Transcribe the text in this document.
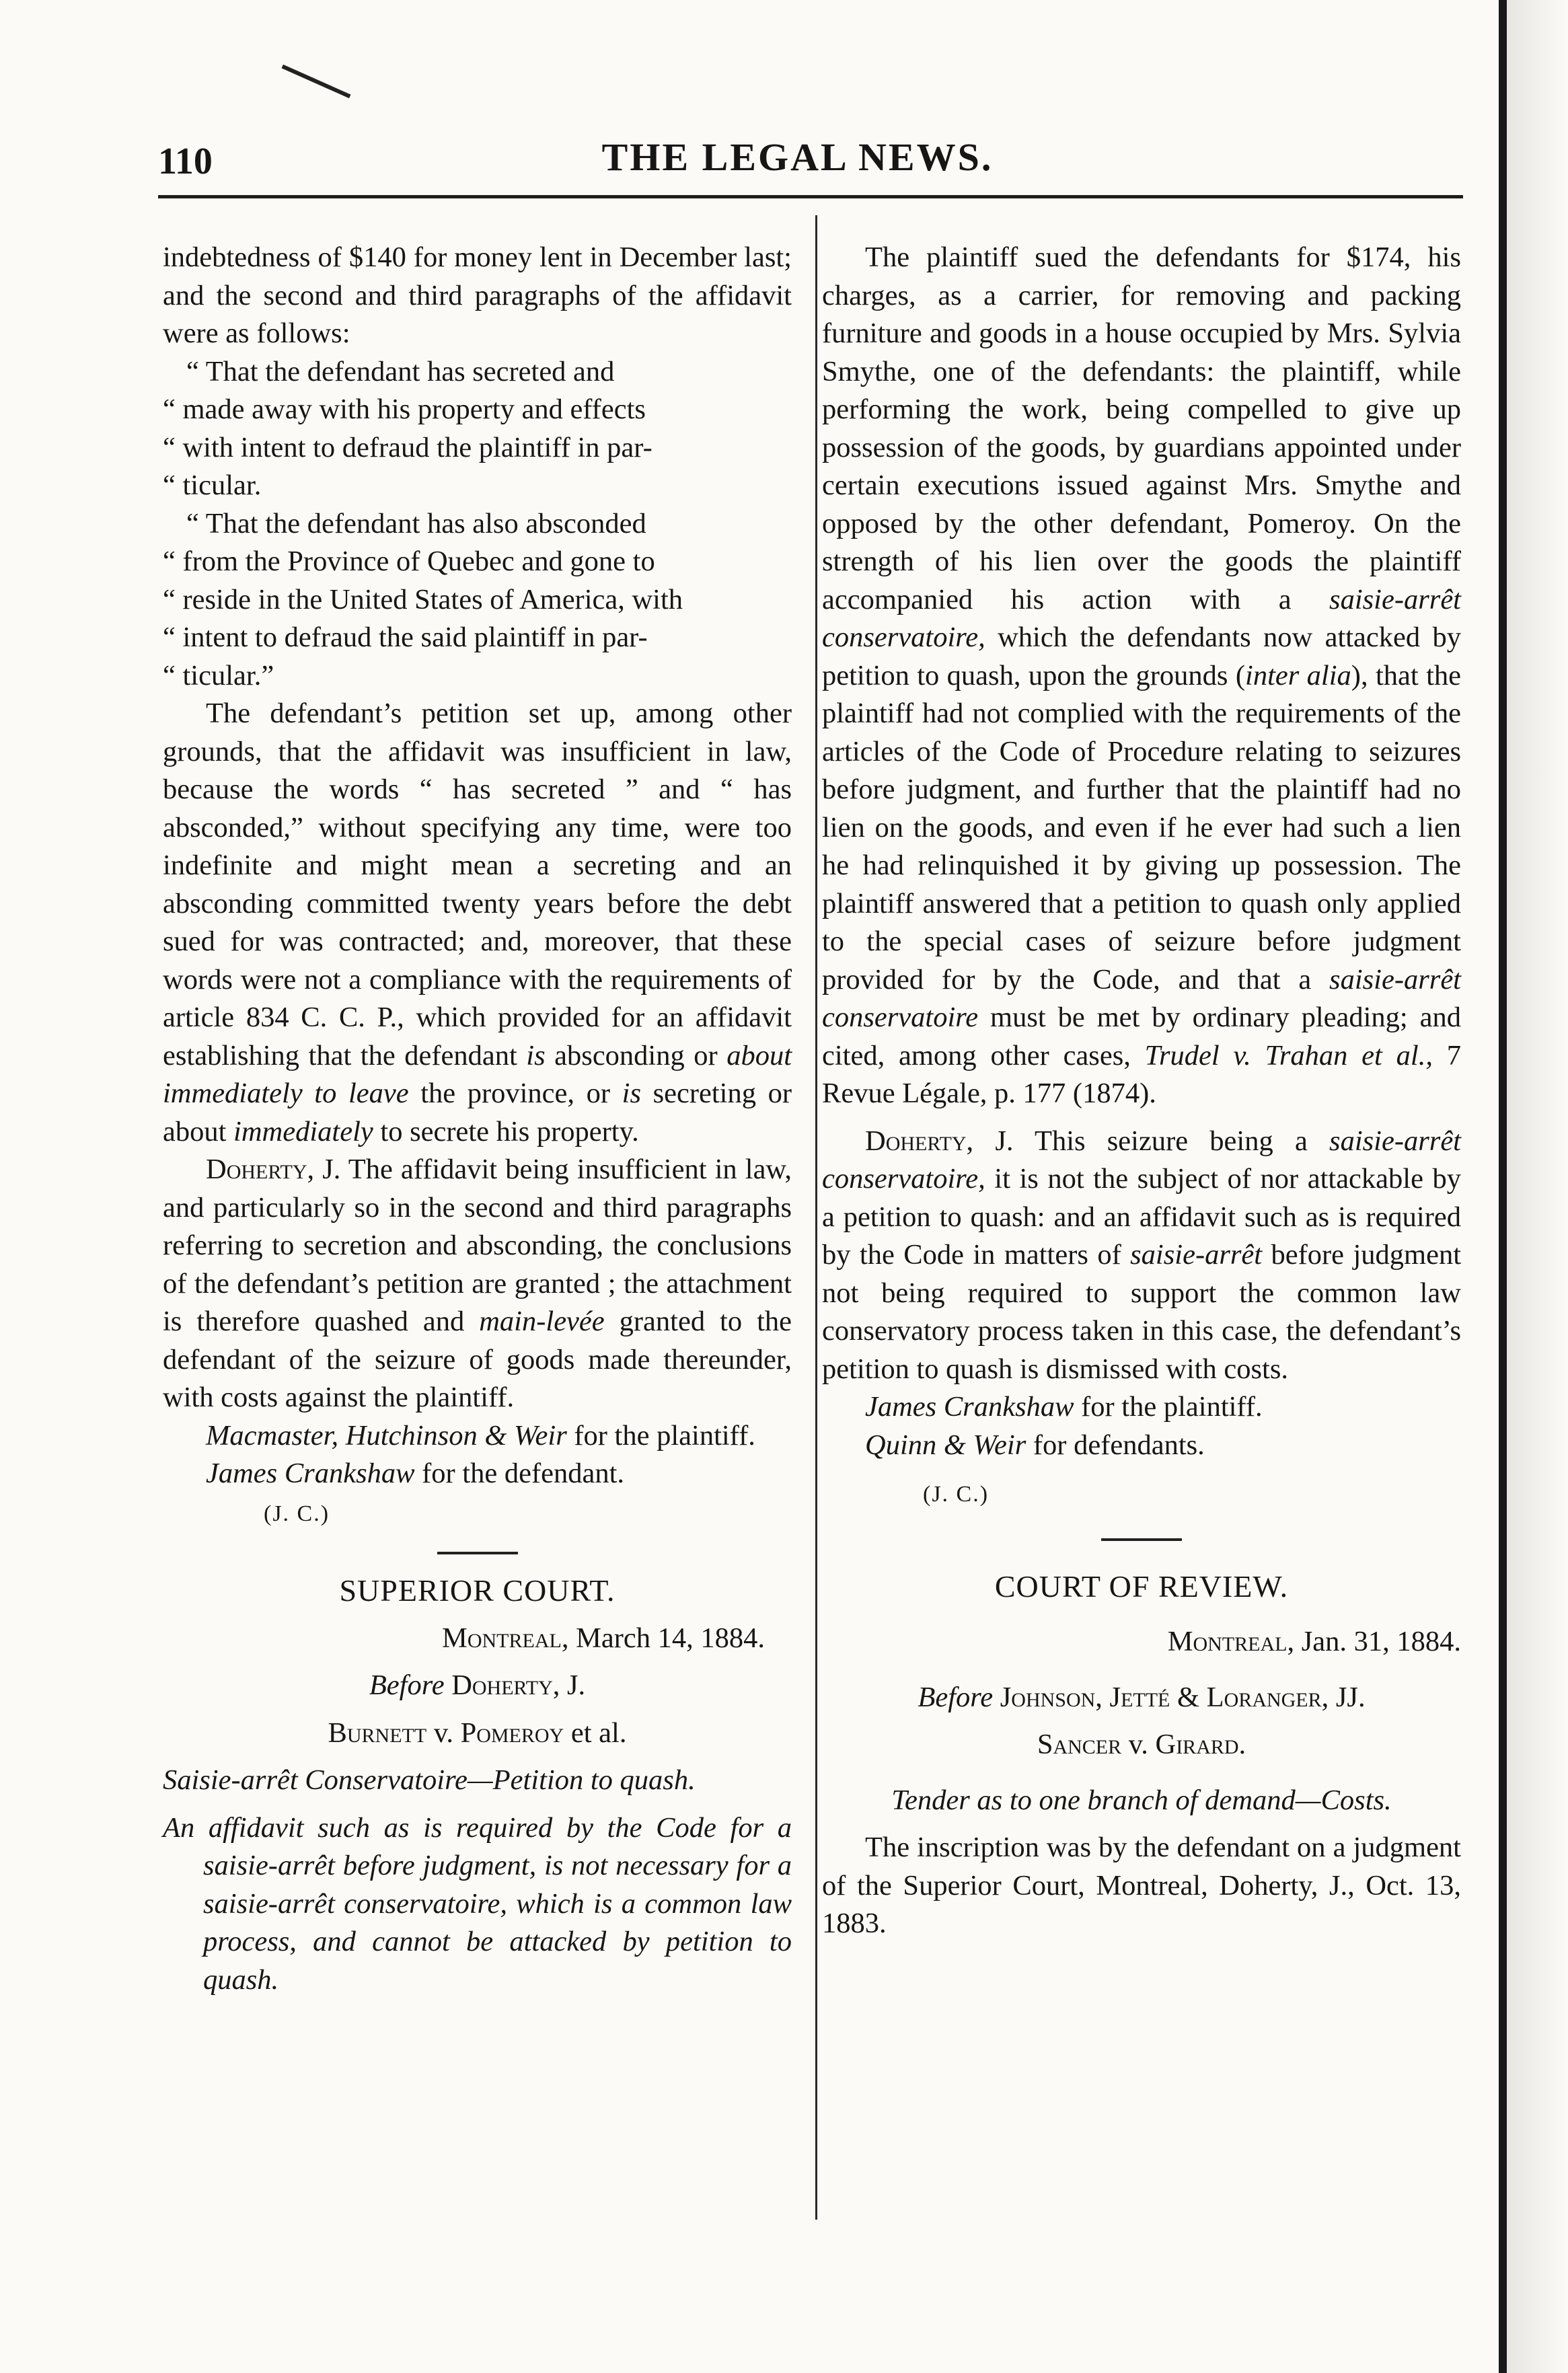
110	THE LEGAL NEWS.

indebtedness of $140 for money lent in December last; and the second and third paragraphs of the affidavit were as follows:

“ That the defendant has secreted and

“ made away with his property and effects

“ with intent to defraud the plaintiff in par-

“ ticular.

“ That the defendant has also absconded

“ from the Province of Quebec and gone to

“ reside in the United States of America, with

“ intent to defraud the said plaintiff in par-

“ ticular.”

The defendant’s petition set up, among other grounds, that the affidavit was insufficient in law, because the words “ has secreted ” and “ has absconded,” without specifying any time, were too indefinite and might mean a secreting and an absconding committed twenty years before the debt sued for was contracted; and, moreover, that these words were not a compliance with the requirements of article 834 C. C. P., which provided for an affidavit establishing that the defendant is absconding or about immediately to leave the province, or is secreting or about immediately to secrete his property.

Doherty, J. The affidavit being insufficient in law, and particularly so in the second and third paragraphs referring to secretion and absconding, the conclusions of the defendant’s petition are granted ; the attachment is therefore quashed and main-levée granted to the defendant of the seizure of goods made thereunder, with costs against the plaintiff.

Macmaster, Hutchinson & Weir for the plaintiff.

James Crankshaw for the defendant.

(J. C.)

SUPERIOR COURT.

Montreal, March 14, 1884.

Before Doherty, J.

Burnett v. Pomeroy et al.

Saisie-arrêt Conservatoire—Petition to quash.

An affidavit such as is required by the Code for a saisie-arrêt before judgment, is not necessary for a saisie-arrêt conservatoire, which is a common law process, and cannot be attacked by petition to quash.

The plaintiff sued the defendants for $174, his charges, as a carrier, for removing and packing furniture and goods in a house occupied by Mrs. Sylvia Smythe, one of the defendants: the plaintiff, while performing the work, being compelled to give up possession of the goods, by guardians appointed under certain executions issued against Mrs. Smythe and opposed by the other defendant, Pomeroy. On the strength of his lien over the goods the plaintiff accompanied his action with a saisie-arrêt conservatoire, which the defendants now attacked by petition to quash, upon the grounds (inter alia), that the plaintiff had not complied with the requirements of the articles of the Code of Procedure relating to seizures before judgment, and further that the plaintiff had no lien on the goods, and even if he ever had such a lien he had relinquished it by giving up possession. The plaintiff answered that a petition to quash only applied to the special cases of seizure before judgment provided for by the Code, and that a saisie-arrêt conservatoire must be met by ordinary pleading; and cited, among other cases, Trudel v. Trahan et al., 7 Revue Légale, p. 177 (1874).

Doherty, J. This seizure being a saisie-arrêt conservatoire, it is not the subject of nor attackable by a petition to quash: and an affidavit such as is required by the Code in matters of saisie-arrêt before judgment not being required to support the common law conservatory process taken in this case, the defendant’s petition to quash is dismissed with costs.

James Crankshaw for the plaintiff.

Quinn & Weir for defendants.

(J. C.)

COURT OF REVIEW.

Montreal, Jan. 31, 1884.

Before Johnson, Jetté & Loranger, JJ.

Sancer v. Girard.

Tender as to one branch of demand—Costs.

The inscription was by the defendant on a judgment of the Superior Court, Montreal, Doherty, J., Oct. 13, 1883.
